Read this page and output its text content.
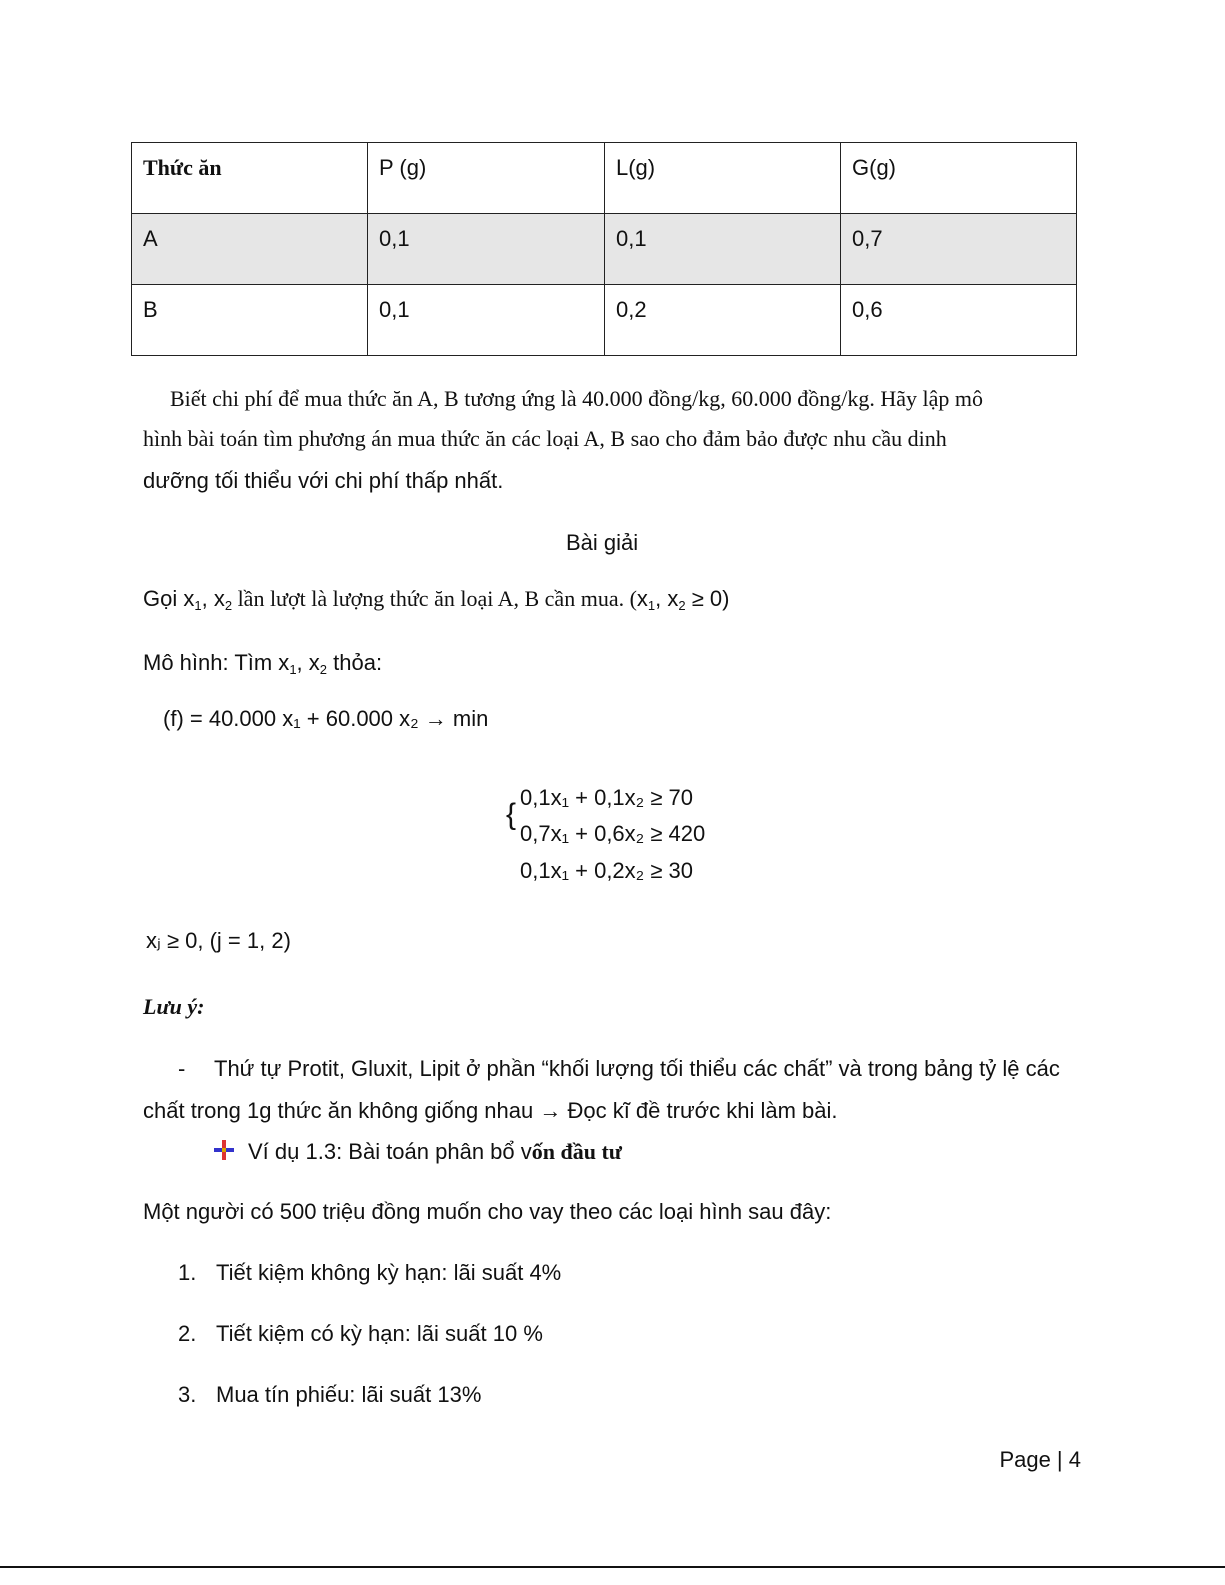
Thức ăn	P (g)	L(g)	G(g)

A	0,1	0,1	0,7

B	0,1	0,2	0,6
Biết chi phí để mua thức ăn A, B tương ứng là 40.000 đồng/kg, 60.000 đồng/kg. Hãy lập mô
hình bài toán tìm phương án mua thức ăn các loại A, B sao cho đảm bảo được nhu cầu dinh
dưỡng tối thiểu với chi phí thấp nhất.
Bài giải
Gọi $x_1$, $x_2$ lần lượt là lượng thức ăn loại A, B cần mua. ($x_1$, $x_2 \ge 0$)
Mô hình: Tìm $x_1$, $x_2$ thỏa:
(f) = 40.000 x₁ + 60.000 x₂ → min
{
0,1x₁ + 0,1x₂ ≥ 70
0,7x₁ + 0,6x₂ ≥ 420
0,1x₁ + 0,2x₂ ≥ 30
xⱼ ≥ 0, (j = 1, 2)
Lưu ý:
- Thứ tự Protit, Gluxit, Lipit ở phần “khối lượng tối thiểu các chất” và trong bảng tỷ lệ các
chất trong 1g thức ăn không giống nhau → Đọc kĩ đề trước khi làm bài.
Ví dụ 1.3: Bài toán phân bổ vốn đầu tư
Một người có 500 triệu đồng muốn cho vay theo các loại hình sau đây:
1. Tiết kiệm không kỳ hạn: lãi suất 4%
2. Tiết kiệm có kỳ hạn: lãi suất 10 %
3. Mua tín phiếu: lãi suất 13%
Page | 4
